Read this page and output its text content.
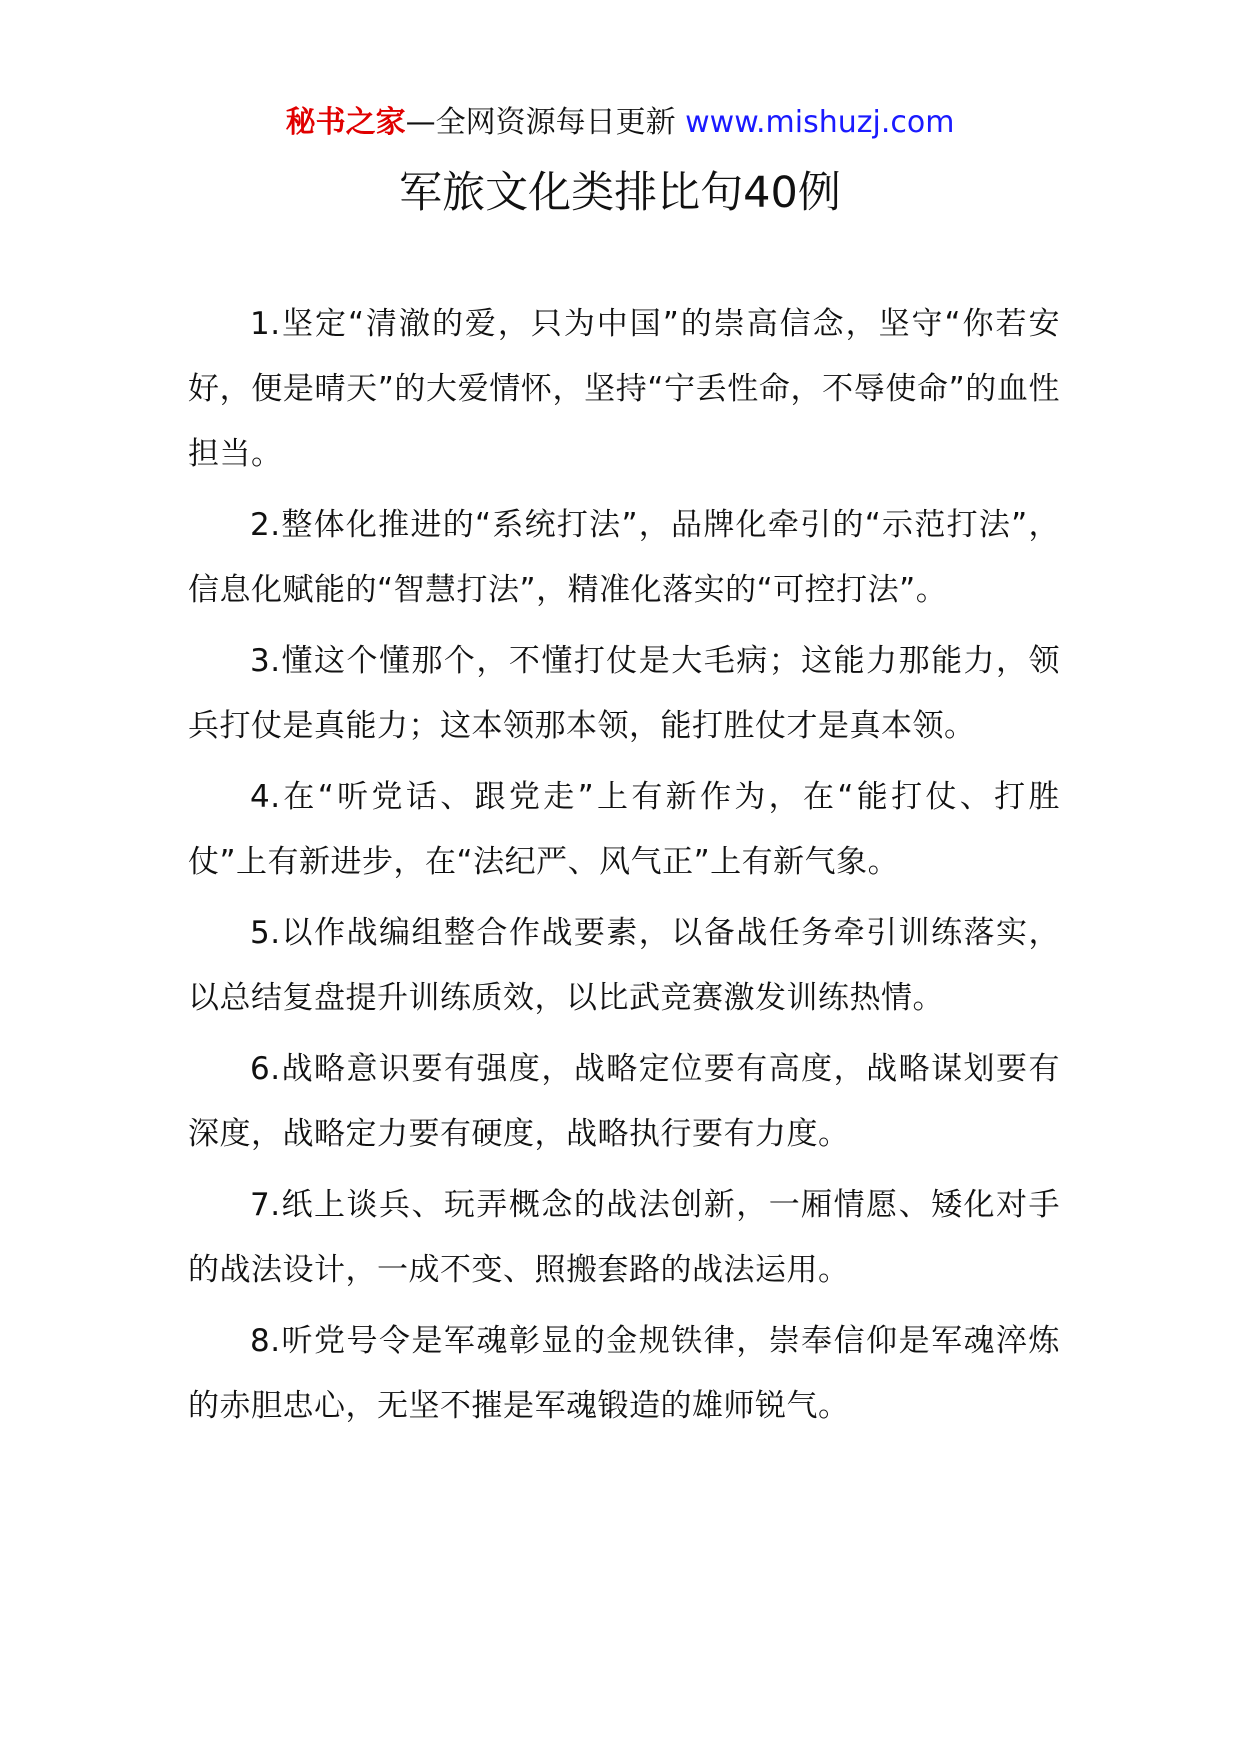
秘书之家—全网资源每日更新 www.mishuzj.com
军旅文化类排比句40例

1.坚定“清澈的爱，只为中国”的崇高信念，坚守“你若安好，便是晴天”的大爱情怀，坚持“宁丢性命，不辱使命”的血性担当。

2.整体化推进的“系统打法”，品牌化牵引的“示范打法”，信息化赋能的“智慧打法”，精准化落实的“可控打法”。

3.懂这个懂那个，不懂打仗是大毛病；这能力那能力，领兵打仗是真能力；这本领那本领，能打胜仗才是真本领。

4.在“听党话、跟党走”上有新作为，在“能打仗、打胜仗”上有新进步，在“法纪严、风气正”上有新气象。

5.以作战编组整合作战要素，以备战任务牵引训练落实，以总结复盘提升训练质效，以比武竞赛激发训练热情。

6.战略意识要有强度，战略定位要有高度，战略谋划要有深度，战略定力要有硬度，战略执行要有力度。

7.纸上谈兵、玩弄概念的战法创新，一厢情愿、矮化对手的战法设计，一成不变、照搬套路的战法运用。

8.听党号令是军魂彰显的金规铁律，崇奉信仰是军魂淬炼的赤胆忠心，无坚不摧是军魂锻造的雄师锐气。
